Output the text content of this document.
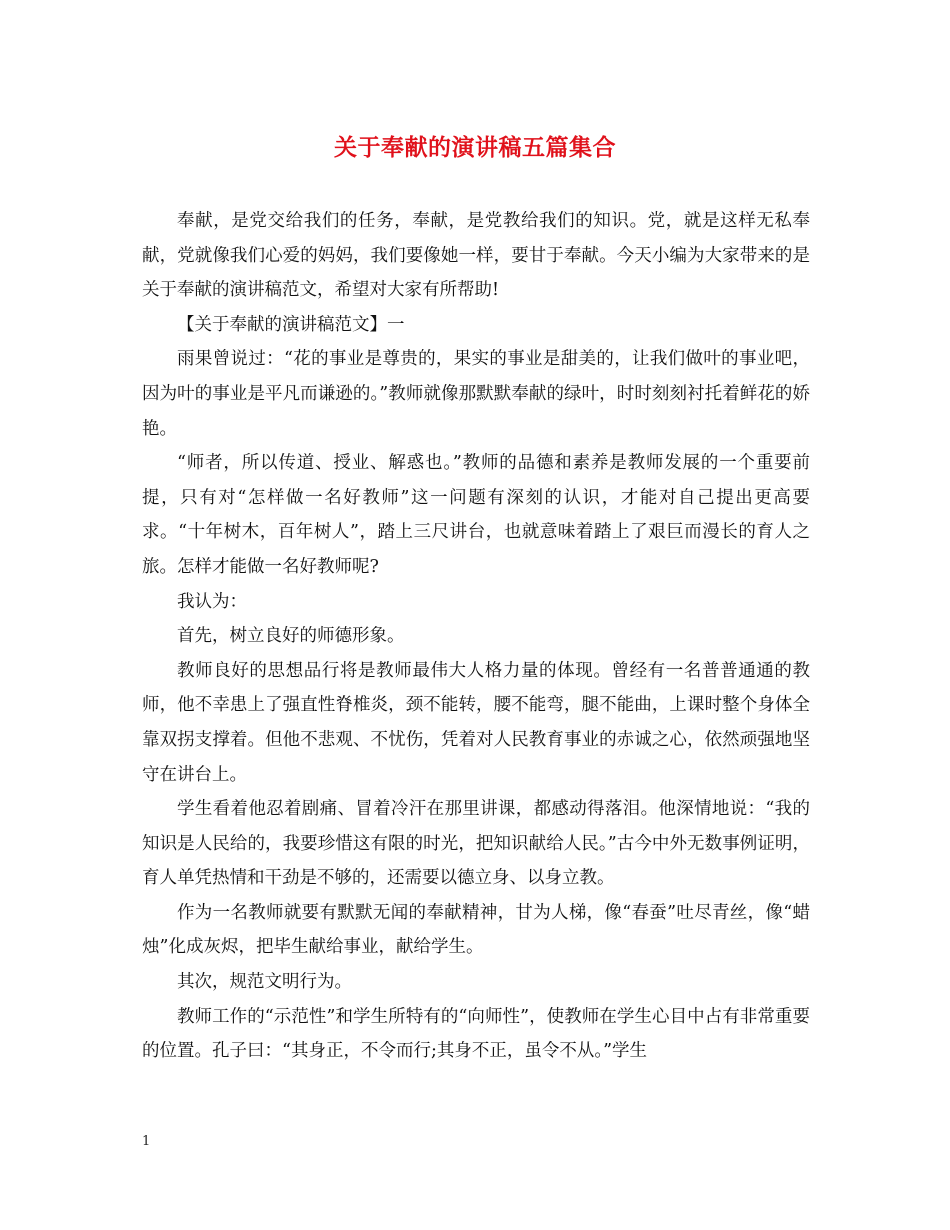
关于奉献的演讲稿五篇集合

奉献，是党交给我们的任务，奉献，是党教给我们的知识。党，就是这样无私奉献，党就像我们心爱的妈妈，我们要像她一样，要甘于奉献。今天小编为大家带来的是关于奉献的演讲稿范文，希望对大家有所帮助!

【关于奉献的演讲稿范文】一

雨果曾说过：“花的事业是尊贵的，果实的事业是甜美的，让我们做叶的事业吧，因为叶的事业是平凡而谦逊的。”教师就像那默默奉献的绿叶，时时刻刻衬托着鲜花的娇艳。

“师者，所以传道、授业、解惑也。”教师的品德和素养是教师发展的一个重要前提，只有对“怎样做一名好教师”这一问题有深刻的认识，才能对自己提出更高要求。“十年树木，百年树人”，踏上三尺讲台，也就意味着踏上了艰巨而漫长的育人之旅。怎样才能做一名好教师呢?

我认为：

首先，树立良好的师德形象。

教师良好的思想品行将是教师最伟大人格力量的体现。曾经有一名普普通通的教师，他不幸患上了强直性脊椎炎，颈不能转，腰不能弯，腿不能曲，上课时整个身体全靠双拐支撑着。但他不悲观、不忧伤，凭着对人民教育事业的赤诚之心，依然顽强地坚守在讲台上。

学生看着他忍着剧痛、冒着冷汗在那里讲课，都感动得落泪。他深情地说：“我的知识是人民给的，我要珍惜这有限的时光，把知识献给人民。”古今中外无数事例证明，育人单凭热情和干劲是不够的，还需要以德立身、以身立教。

作为一名教师就要有默默无闻的奉献精神，甘为人梯，像“春蚕”吐尽青丝，像“蜡烛”化成灰烬，把毕生献给事业，献给学生。

其次，规范文明行为。

教师工作的“示范性”和学生所特有的“向师性”，使教师在学生心目中占有非常重要的位置。孔子曰：“其身正，不令而行;其身不正，虽令不从。”学生

1
